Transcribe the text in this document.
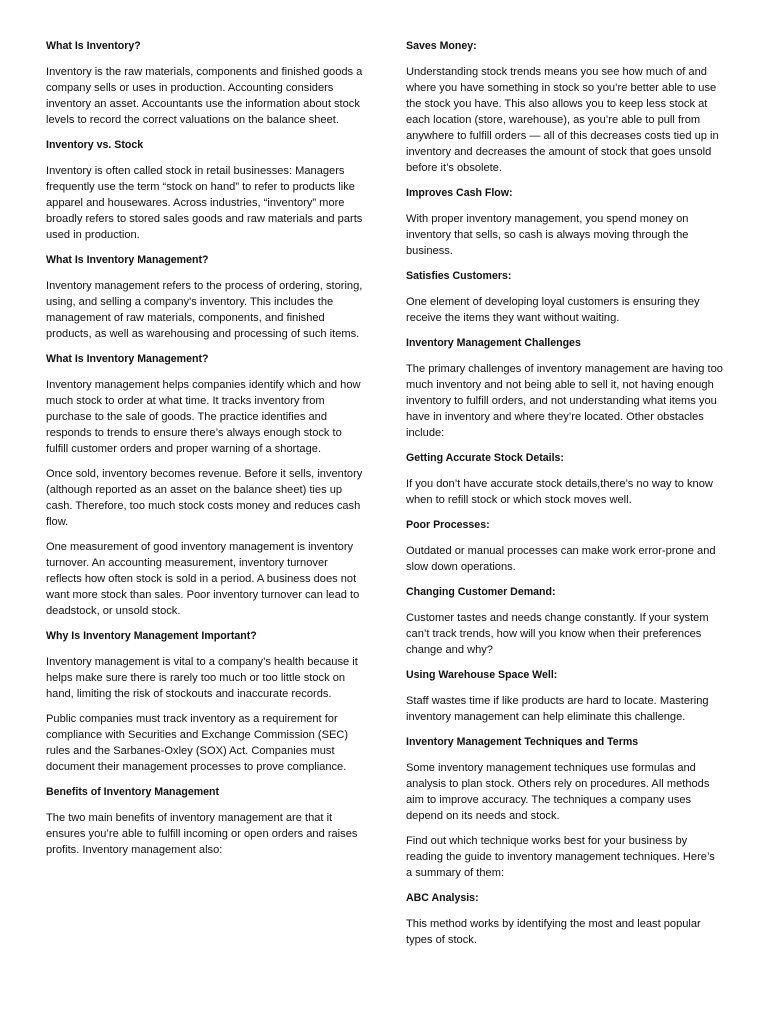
What Is Inventory?

Inventory is the raw materials, components and finished goods a company sells or uses in production. Accounting considers inventory an asset. Accountants use the information about stock levels to record the correct valuations on the balance sheet.

Inventory vs. Stock

Inventory is often called stock in retail businesses: Managers frequently use the term “stock on hand” to refer to products like apparel and housewares. Across industries, “inventory” more broadly refers to stored sales goods and raw materials and parts used in production.

What Is Inventory Management?

Inventory management refers to the process of ordering, storing, using, and selling a company's inventory. This includes the management of raw materials, components, and finished products, as well as warehousing and processing of such items.

What Is Inventory Management?

Inventory management helps companies identify which and how much stock to order at what time. It tracks inventory from purchase to the sale of goods. The practice identifies and responds to trends to ensure there’s always enough stock to fulfill customer orders and proper warning of a shortage.

Once sold, inventory becomes revenue. Before it sells, inventory (although reported as an asset on the balance sheet) ties up cash. Therefore, too much stock costs money and reduces cash flow.

One measurement of good inventory management is inventory turnover. An accounting measurement, inventory turnover reflects how often stock is sold in a period. A business does not want more stock than sales. Poor inventory turnover can lead to deadstock, or unsold stock.

Why Is Inventory Management Important?

Inventory management is vital to a company’s health because it helps make sure there is rarely too much or too little stock on hand, limiting the risk of stockouts and inaccurate records.

Public companies must track inventory as a requirement for compliance with Securities and Exchange Commission (SEC) rules and the Sarbanes-Oxley (SOX) Act. Companies must document their management processes to prove compliance.

Benefits of Inventory Management

The two main benefits of inventory management are that it ensures you’re able to fulfill incoming or open orders and raises profits. Inventory management also:

Saves Money:

Understanding stock trends means you see how much of and where you have something in stock so you’re better able to use the stock you have. This also allows you to keep less stock at each location (store, warehouse), as you’re able to pull from anywhere to fulfill orders — all of this decreases costs tied up in inventory and decreases the amount of stock that goes unsold before it’s obsolete.

Improves Cash Flow:

With proper inventory management, you spend money on inventory that sells, so cash is always moving through the business.

Satisfies Customers:

One element of developing loyal customers is ensuring they receive the items they want without waiting.

Inventory Management Challenges

The primary challenges of inventory management are having too much inventory and not being able to sell it, not having enough inventory to fulfill orders, and not understanding what items you have in inventory and where they’re located. Other obstacles include:

Getting Accurate Stock Details:

If you don’t have accurate stock details,there’s no way to know when to refill stock or which stock moves well.

Poor Processes:

Outdated or manual processes can make work error-prone and slow down operations.

Changing Customer Demand:

Customer tastes and needs change constantly. If your system can’t track trends, how will you know when their preferences change and why?

Using Warehouse Space Well:

Staff wastes time if like products are hard to locate. Mastering inventory management can help eliminate this challenge.

Inventory Management Techniques and Terms

Some inventory management techniques use formulas and analysis to plan stock. Others rely on procedures. All methods aim to improve accuracy. The techniques a company uses depend on its needs and stock.

Find out which technique works best for your business by reading the guide to inventory management techniques. Here’s a summary of them:

ABC Analysis:

This method works by identifying the most and least popular types of stock.
